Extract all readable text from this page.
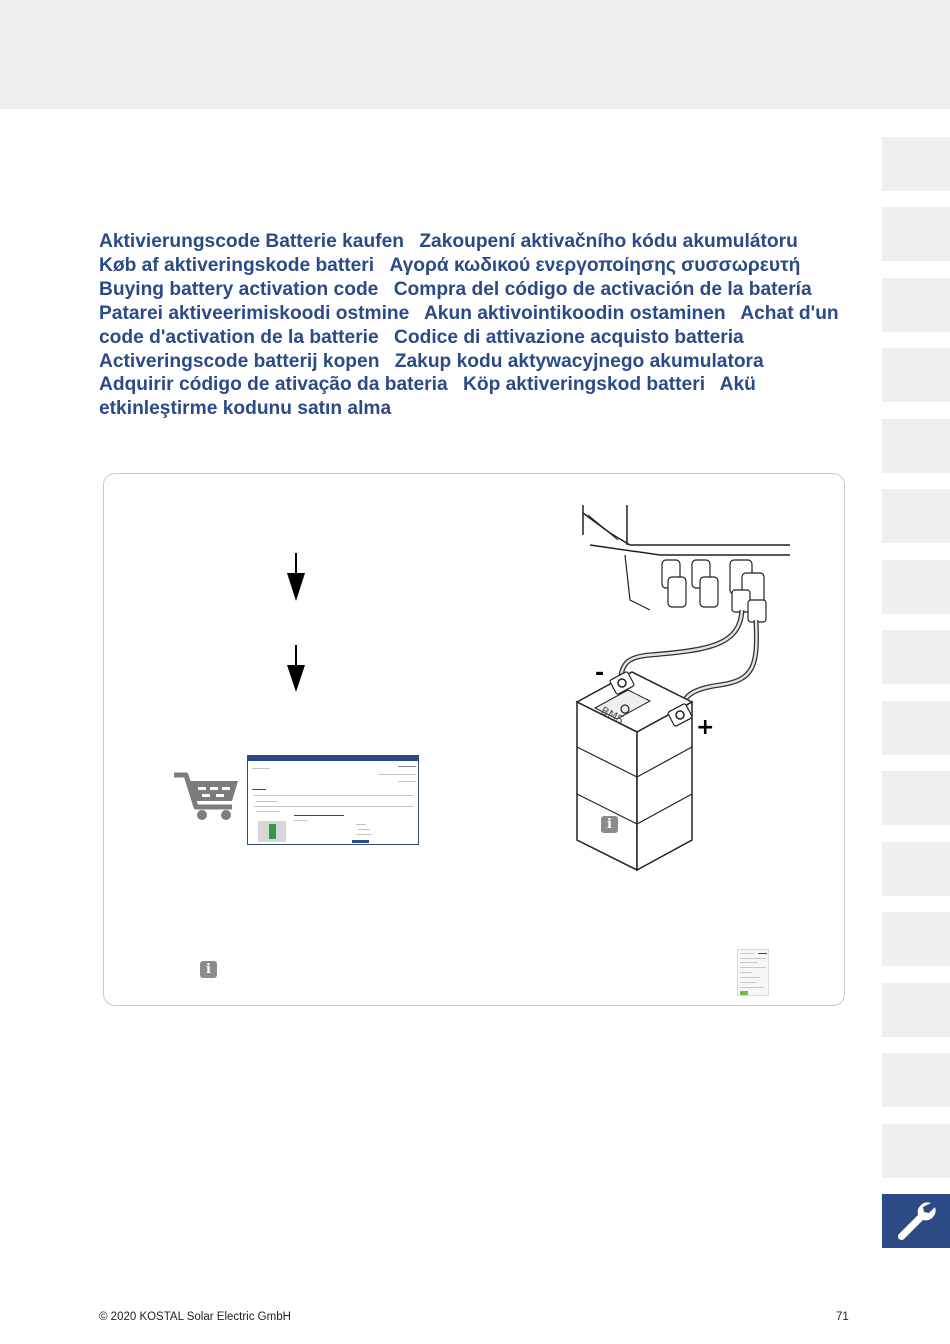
Aktivierungscode Batterie kaufen Zakoupení aktivačního kódu akumulátoru Køb af aktiveringskode batteri Αγορά κωδικού ενεργοποίησης συσσωρευτή Buying battery activation code Compra del código de activación de la batería Patarei aktiveerimiskoodi ostmine Akun aktivointikoodin ostaminen Achat d'un code d'activation de la batterie Codice di attivazione acquisto batteria Activeringscode batterij kopen Zakup kodu aktywacyjnego akumulatora Adquirir código de ativação da bateria Köp aktiveringskod batteri Akü etkinleştirme kodunu satın alma
BMS
-
+
i
i
© 2020 KOSTAL Solar Electric GmbH	71
